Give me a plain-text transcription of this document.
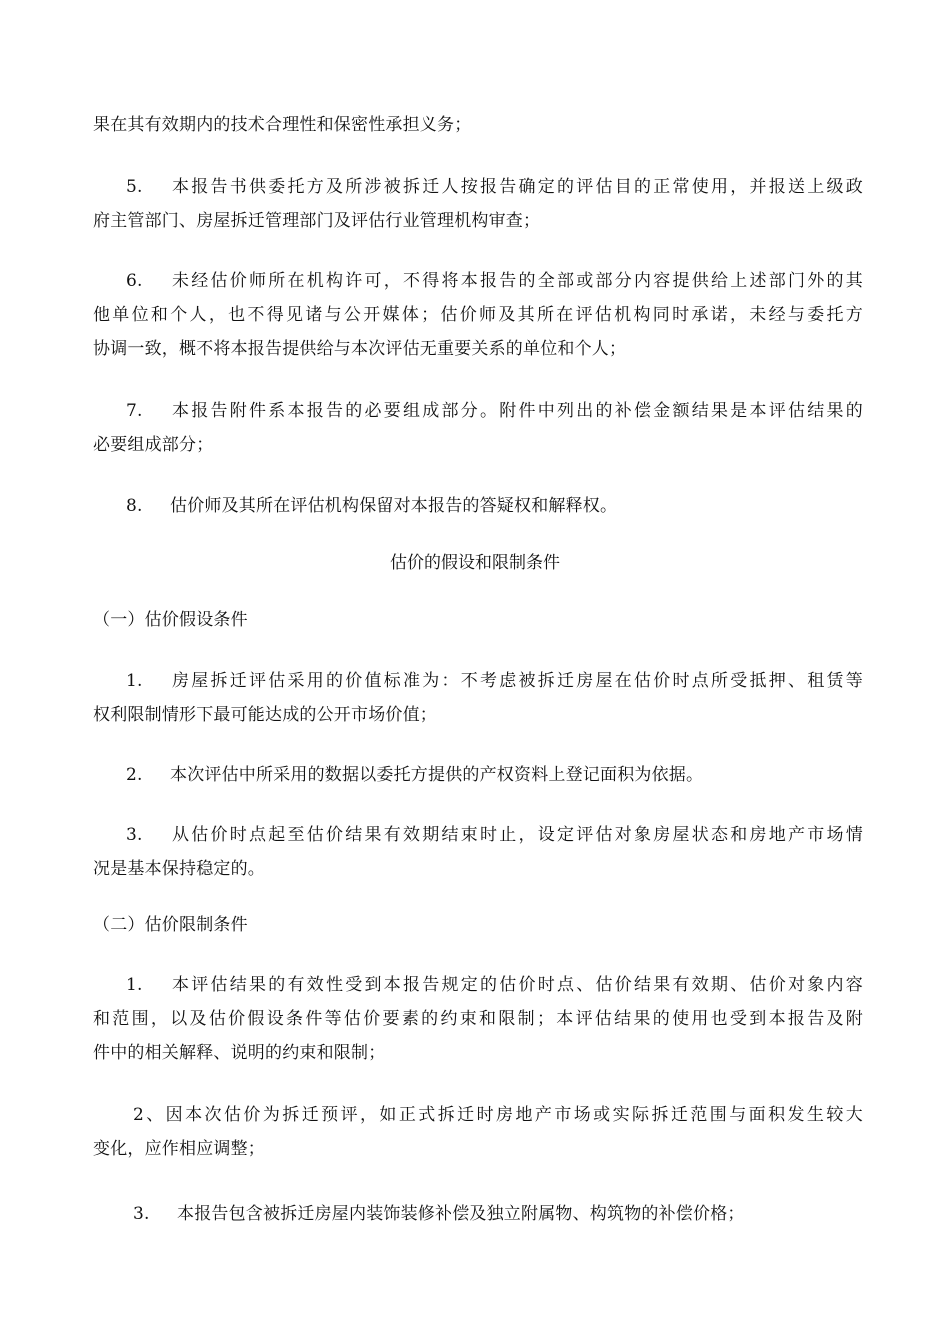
果在其有效期内的技术合理性和保密性承担义务；
5. 本报告书供委托方及所涉被拆迁人按报告确定的评估目的正常使用，并报送上级政
府主管部门、房屋拆迁管理部门及评估行业管理机构审查；
6. 未经估价师所在机构许可，不得将本报告的全部或部分内容提供给上述部门外的其
他单位和个人，也不得见诸与公开媒体；估价师及其所在评估机构同时承诺，未经与委托方
协调一致，概不将本报告提供给与本次评估无重要关系的单位和个人；
7. 本报告附件系本报告的必要组成部分。附件中列出的补偿金额结果是本评估结果的
必要组成部分；
8. 估价师及其所在评估机构保留对本报告的答疑权和解释权。
估价的假设和限制条件
（一）估价假设条件
1. 房屋拆迁评估采用的价值标准为：不考虑被拆迁房屋在估价时点所受抵押、租赁等
权利限制情形下最可能达成的公开市场价值；
2. 本次评估中所采用的数据以委托方提供的产权资料上登记面积为依据。
3. 从估价时点起至估价结果有效期结束时止，设定评估对象房屋状态和房地产市场情
况是基本保持稳定的。
（二）估价限制条件
1. 本评估结果的有效性受到本报告规定的估价时点、估价结果有效期、估价对象内容
和范围，以及估价假设条件等估价要素的约束和限制；本评估结果的使用也受到本报告及附
件中的相关解释、说明的约束和限制；
2、因本次估价为拆迁预评，如正式拆迁时房地产市场或实际拆迁范围与面积发生较大
变化，应作相应调整；
3. 本报告包含被拆迁房屋内装饰装修补偿及独立附属物、构筑物的补偿价格；
